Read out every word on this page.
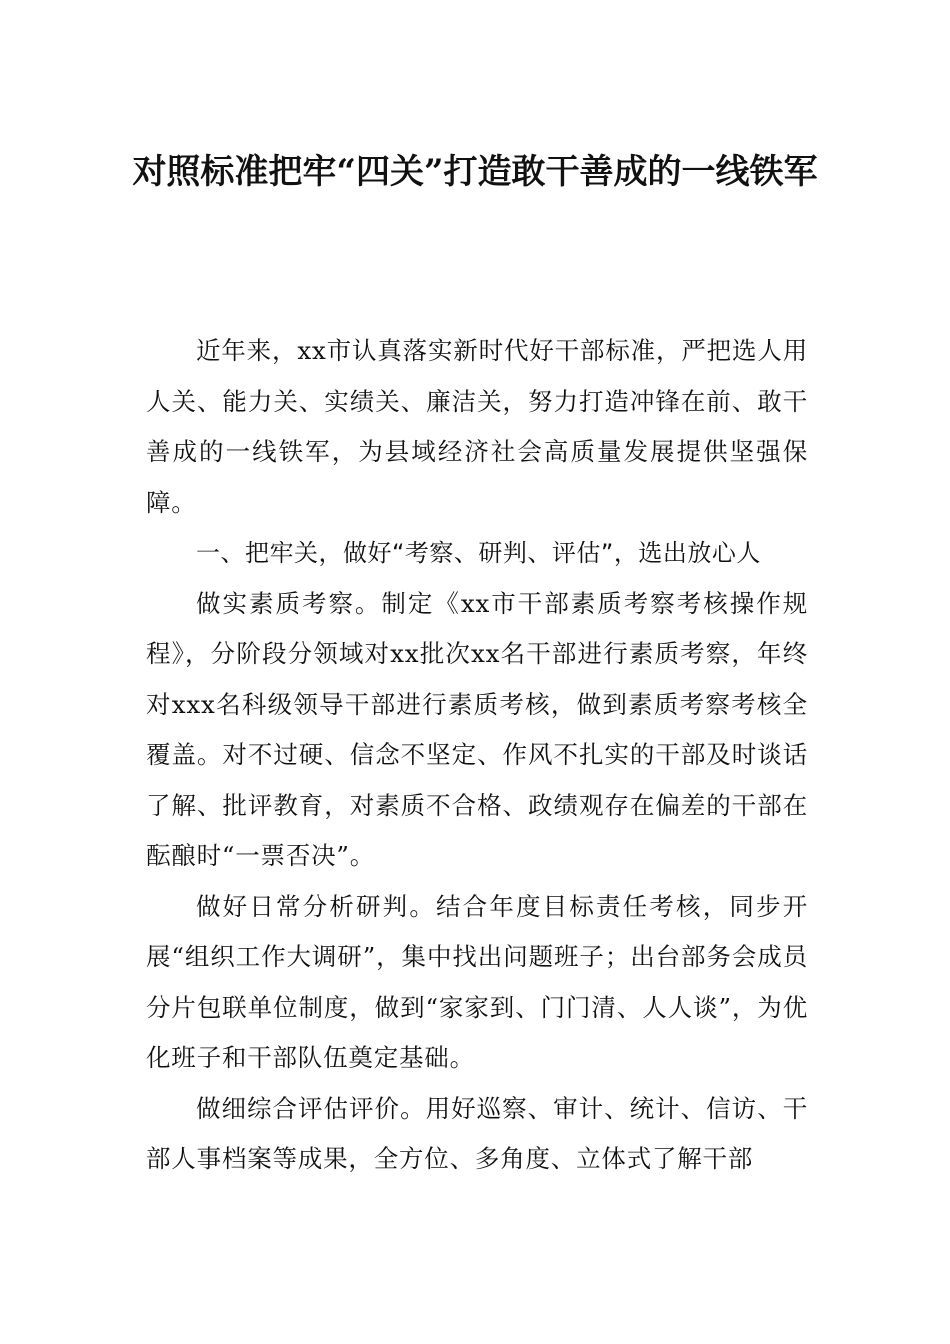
对照标准把牢“四关”打造敢干善成的一线铁军

近年来，xx市认真落实新时代好干部标准，严把选人用人关、能力关、实绩关、廉洁关，努力打造冲锋在前、敢干善成的一线铁军，为县域经济社会高质量发展提供坚强保障。

一、把牢关，做好“考察、研判、评估”，选出放心人

做实素质考察。制定《xx市干部素质考察考核操作规程》，分阶段分领域对xx批次xx名干部进行素质考察，年终对xxx名科级领导干部进行素质考核，做到素质考察考核全覆盖。对不过硬、信念不坚定、作风不扎实的干部及时谈话了解、批评教育，对素质不合格、政绩观存在偏差的干部在酝酿时“一票否决”。

做好日常分析研判。结合年度目标责任考核，同步开展“组织工作大调研”，集中找出问题班子；出台部务会成员分片包联单位制度，做到“家家到、门门清、人人谈”，为优化班子和干部队伍奠定基础。

做细综合评估评价。用好巡察、审计、统计、信访、干部人事档案等成果，全方位、多角度、立体式了解干部
